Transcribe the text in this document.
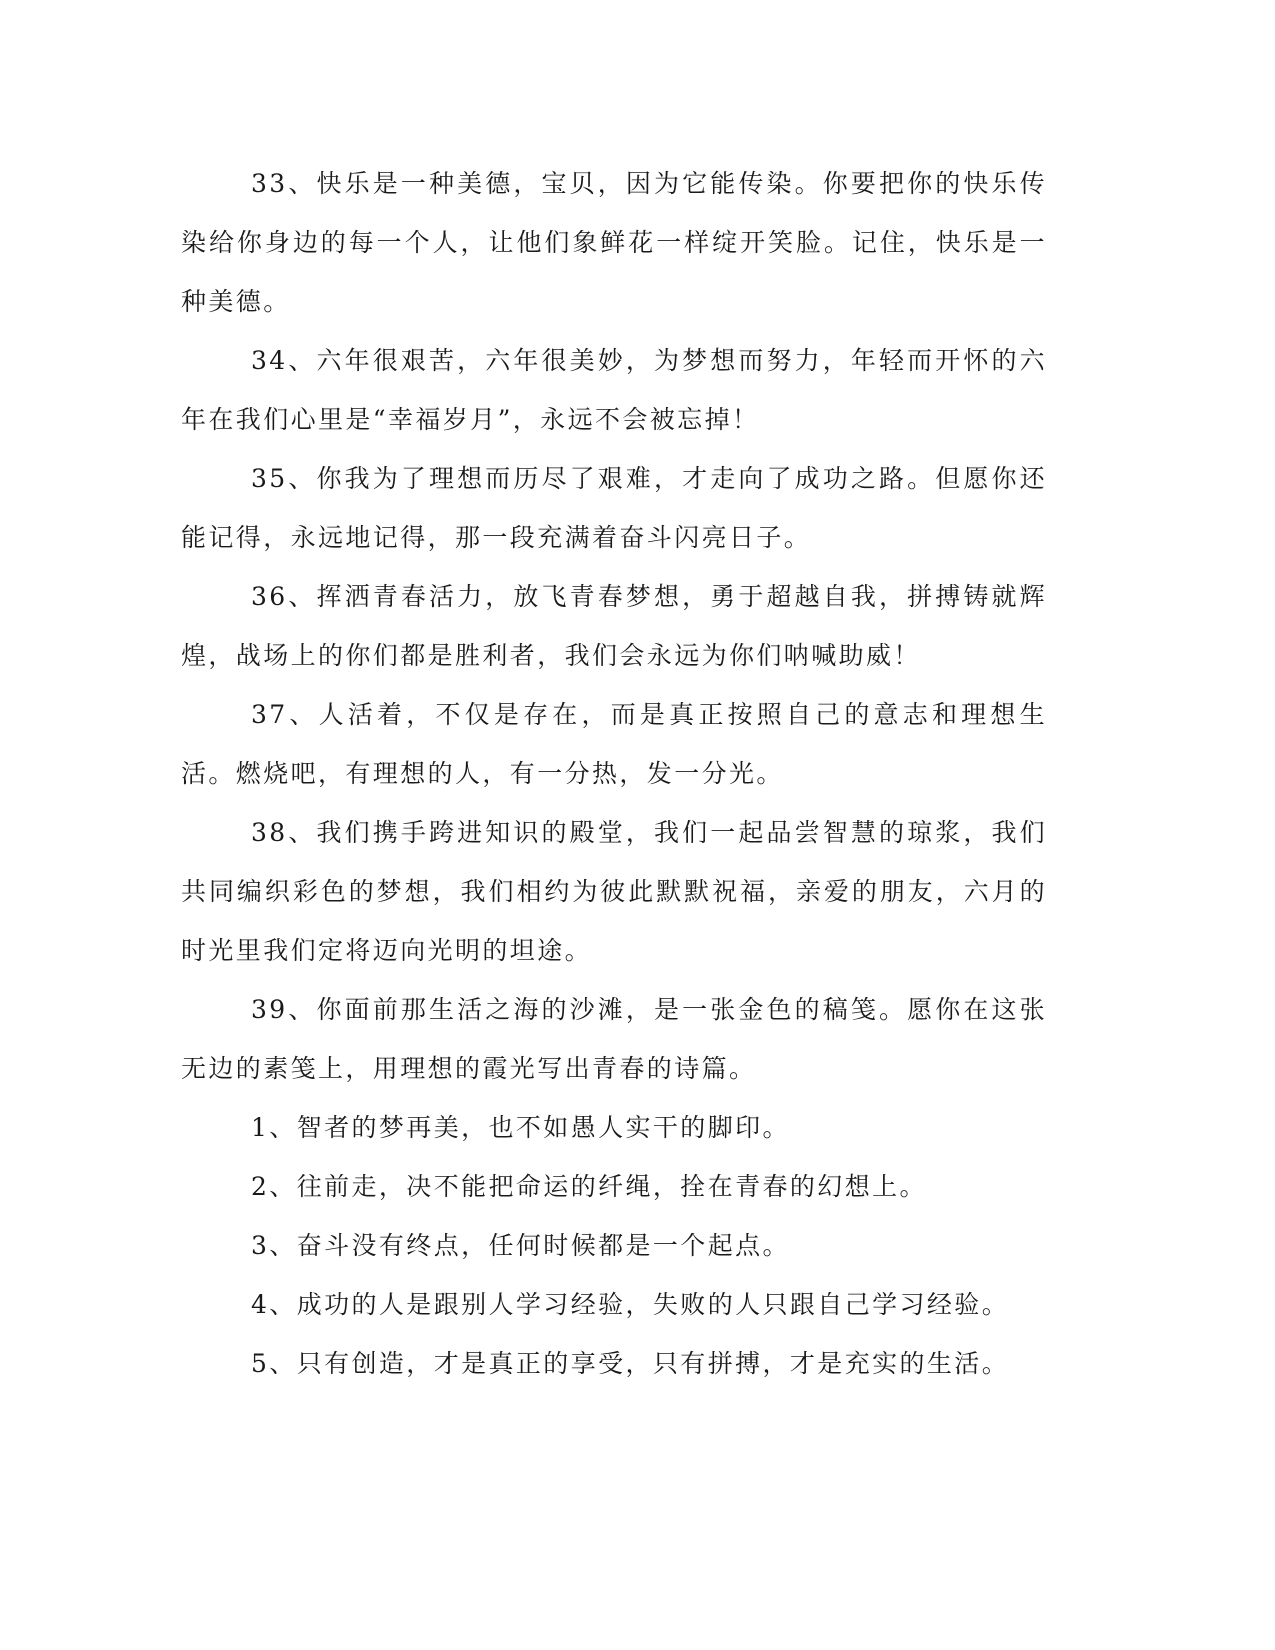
33、快乐是一种美德，宝贝，因为它能传染。你要把你的快乐传染给你身边的每一个人，让他们象鲜花一样绽开笑脸。记住，快乐是一种美德。

34、六年很艰苦，六年很美妙，为梦想而努力，年轻而开怀的六年在我们心里是“幸福岁月”，永远不会被忘掉！

35、你我为了理想而历尽了艰难，才走向了成功之路。但愿你还能记得，永远地记得，那一段充满着奋斗闪亮日子。

36、挥洒青春活力，放飞青春梦想，勇于超越自我，拼搏铸就辉煌，战场上的你们都是胜利者，我们会永远为你们呐喊助威！

37、人活着，不仅是存在，而是真正按照自己的意志和理想生活。燃烧吧，有理想的人，有一分热，发一分光。

38、我们携手跨进知识的殿堂，我们一起品尝智慧的琼浆，我们共同编织彩色的梦想，我们相约为彼此默默祝福，亲爱的朋友，六月的时光里我们定将迈向光明的坦途。

39、你面前那生活之海的沙滩，是一张金色的稿笺。愿你在这张无边的素笺上，用理想的霞光写出青春的诗篇。

1、智者的梦再美，也不如愚人实干的脚印。

2、往前走，决不能把命运的纤绳，拴在青春的幻想上。

3、奋斗没有终点，任何时候都是一个起点。

4、成功的人是跟别人学习经验，失败的人只跟自己学习经验。

5、只有创造，才是真正的享受，只有拼搏，才是充实的生活。
